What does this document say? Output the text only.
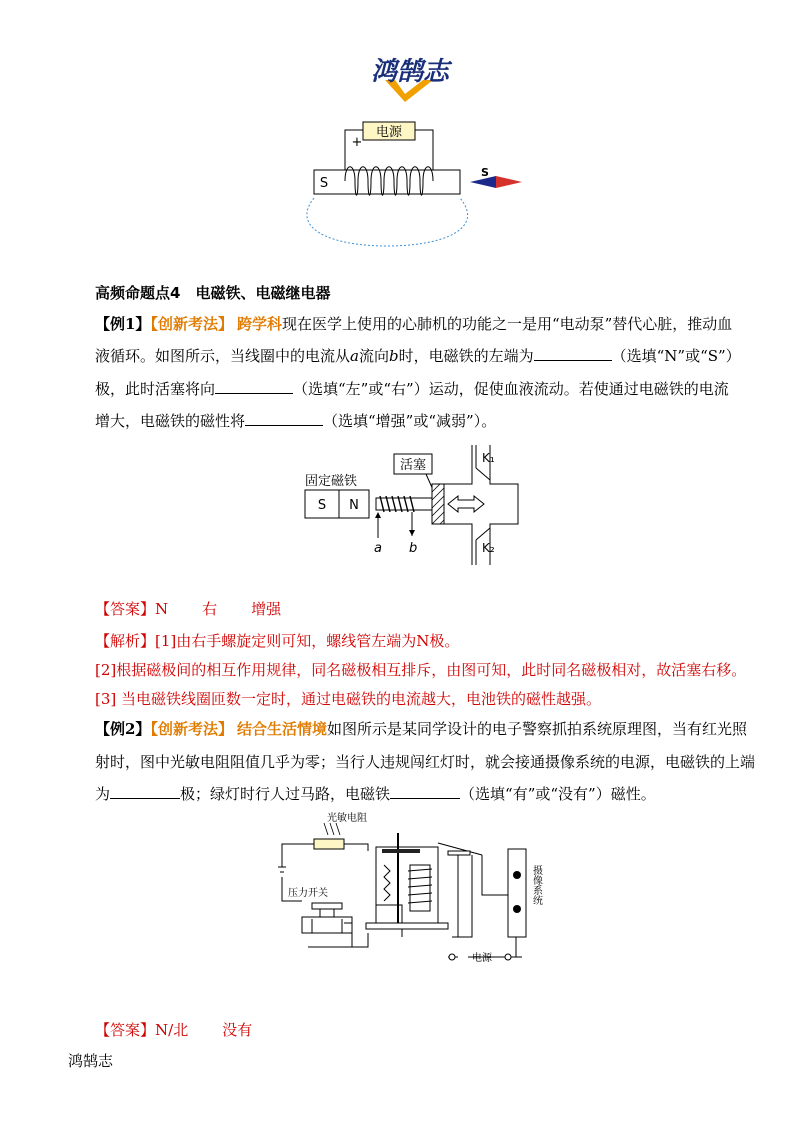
鸿鹄志
电源
+
S
S
高频命题点4　电磁铁、电磁继电器
【例1】【创新考法】 跨学科现在医学上使用的心肺机的功能之一是用“电动泵”替代心脏，推动血
液循环。如图所示，当线圈中的电流从a流向b时，电磁铁的左端为	（选填“N”或“S”）
极，此时活塞将向	（选填“左”或“右”）运动，促使血液流动。若使通过电磁铁的电流
增大，电磁铁的磁性将	（选填“增强”或“减弱”）。
固定磁铁
S N
活塞	K₁
K₂
a b
【答案】N 右 增强
【解析】[1]由右手螺旋定则可知，螺线管左端为N极。
[2]根据磁极间的相互作用规律，同名磁极相互排斥，由图可知，此时同名磁极相对，故活塞右移。
[3] 当电磁铁线圈匝数一定时，通过电磁铁的电流越大，电池铁的磁性越强。
【例2】【创新考法】 结合生活情境如图所示是某同学设计的电子警察抓拍系统原理图，当有红光照
射时，图中光敏电阻阻值几乎为零；当行人违规闯红灯时，就会接通摄像系统的电源，电磁铁的上端
为	极；绿灯时行人过马路，电磁铁	（选填“有”或“没有”）磁性。
光敏电阻
压力开关
电源
摄像系统
【答案】N/北 没有
鸿鹄志
